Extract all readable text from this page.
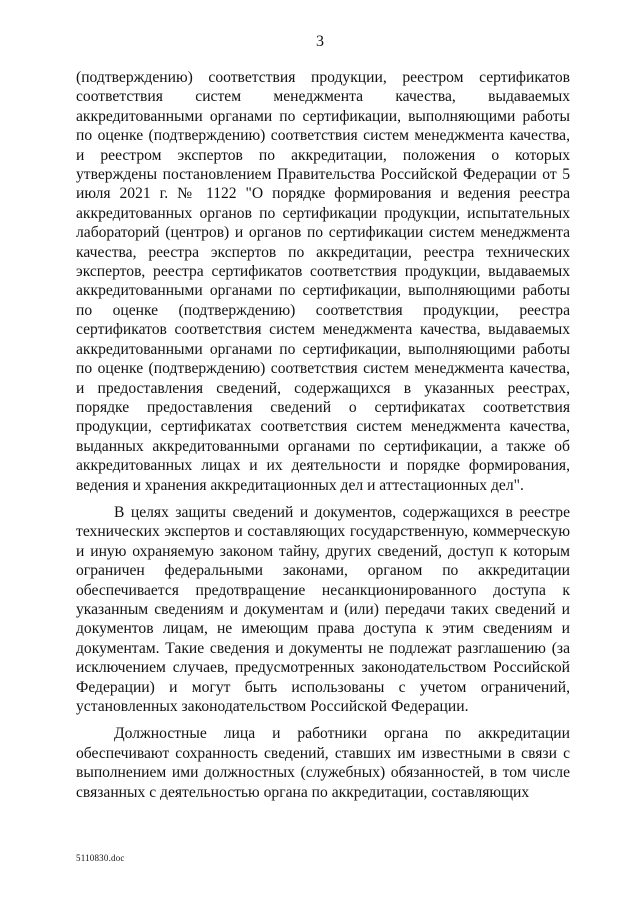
3

(подтверждению) соответствия продукции, реестром сертификатов соответствия систем менеджмента качества, выдаваемых аккредитованными органами по сертификации, выполняющими работы по оценке (подтверждению) соответствия систем менеджмента качества, и реестром экспертов по аккредитации, положения о которых утверждены постановлением Правительства Российской Федерации от 5 июля 2021 г. № 1122 "О порядке формирования и ведения реестра аккредитованных органов по сертификации продукции, испытательных лабораторий (центров) и органов по сертификации систем менеджмента качества, реестра экспертов по аккредитации, реестра технических экспертов, реестра сертификатов соответствия продукции, выдаваемых аккредитованными органами по сертификации, выполняющими работы по оценке (подтверждению) соответствия продукции, реестра сертификатов соответствия систем менеджмента качества, выдаваемых аккредитованными органами по сертификации, выполняющими работы по оценке (подтверждению) соответствия систем менеджмента качества, и предоставления сведений, содержащихся в указанных реестрах, порядке предоставления сведений о сертификатах соответствия продукции, сертификатах соответствия систем менеджмента качества, выданных аккредитованными органами по сертификации, а также об аккредитованных лицах и их деятельности и порядке формирования, ведения и хранения аккредитационных дел и аттестационных дел".

В целях защиты сведений и документов, содержащихся в реестре технических экспертов и составляющих государственную, коммерческую и иную охраняемую законом тайну, других сведений, доступ к которым ограничен федеральными законами, органом по аккредитации обеспечивается предотвращение несанкционированного доступа к указанным сведениям и документам и (или) передачи таких сведений и документов лицам, не имеющим права доступа к этим сведениям и документам. Такие сведения и документы не подлежат разглашению (за исключением случаев, предусмотренных законодательством Российской Федерации) и могут быть использованы с учетом ограничений, установленных законодательством Российской Федерации.

Должностные лица и работники органа по аккредитации обеспечивают сохранность сведений, ставших им известными в связи с выполнением ими должностных (служебных) обязанностей, в том числе связанных с деятельностью органа по аккредитации, составляющих

5110830.doc
